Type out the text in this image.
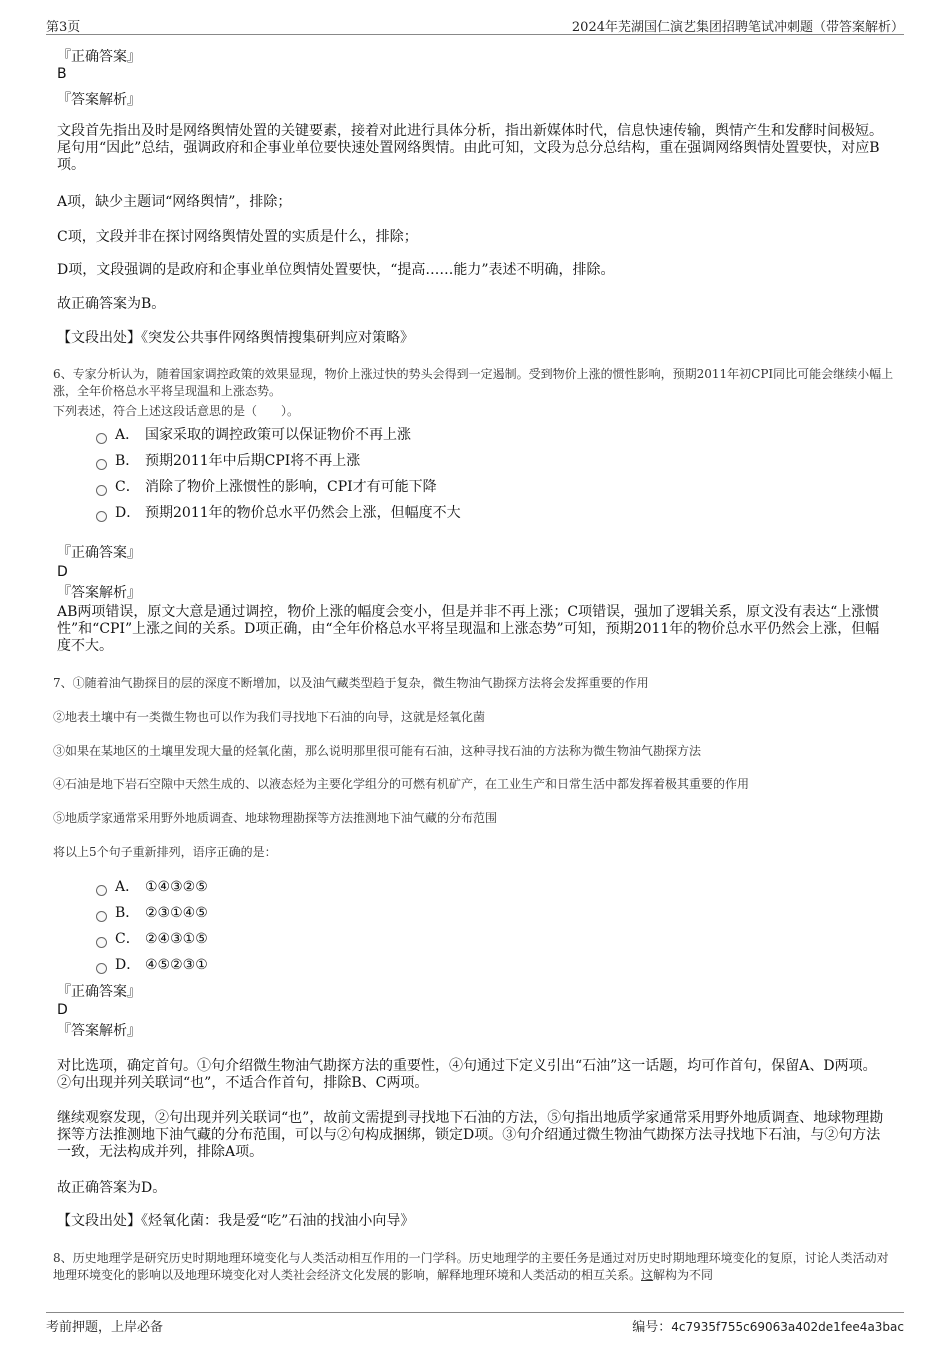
第3页	2024年芜湖国仁演艺集团招聘笔试冲刺题（带答案解析）
『正确答案』
B
『答案解析』
文段首先指出及时是网络舆情处置的关键要素，接着对此进行具体分析，指出新媒体时代，信息快速传输，舆情产生和发酵时间极短。尾句用“因此”总结，强调政府和企事业单位要快速处置网络舆情。由此可知，文段为总分总结构，重在强调网络舆情处置要快，对应B项。
A项，缺少主题词“网络舆情”，排除；
C项，文段并非在探讨网络舆情处置的实质是什么，排除；
D项，文段强调的是政府和企事业单位舆情处置要快，“提高……能力”表述不明确，排除。
故正确答案为B。
【文段出处】《突发公共事件网络舆情搜集研判应对策略》
6、专家分析认为，随着国家调控政策的效果显现，物价上涨过快的势头会得到一定遏制。受到物价上涨的惯性影响，预期2011年初CPI同比可能会继续小幅上涨，全年价格总水平将呈现温和上涨态势。
下列表述，符合上述这段话意思的是（　　）。
A． 国家采取的调控政策可以保证物价不再上涨
B． 预期2011年中后期CPI将不再上涨
C． 消除了物价上涨惯性的影响，CPI才有可能下降
D． 预期2011年的物价总水平仍然会上涨，但幅度不大
『正确答案』
D
『答案解析』
AB两项错误，原文大意是通过调控，物价上涨的幅度会变小，但是并非不再上涨；C项错误，强加了逻辑关系，原文没有表达“上涨惯性”和“CPI”上涨之间的关系。D项正确，由“全年价格总水平将呈现温和上涨态势”可知，预期2011年的物价总水平仍然会上涨，但幅度不大。
7、①随着油气勘探目的层的深度不断增加，以及油气藏类型趋于复杂，微生物油气勘探方法将会发挥重要的作用
②地表土壤中有一类微生物也可以作为我们寻找地下石油的向导，这就是烃氧化菌
③如果在某地区的土壤里发现大量的烃氧化菌，那么说明那里很可能有石油，这种寻找石油的方法称为微生物油气勘探方法
④石油是地下岩石空隙中天然生成的、以液态烃为主要化学组分的可燃有机矿产，在工业生产和日常生活中都发挥着极其重要的作用
⑤地质学家通常采用野外地质调查、地球物理勘探等方法推测地下油气藏的分布范围
将以上5个句子重新排列，语序正确的是：
A． ①④③②⑤
B． ②③①④⑤
C． ②④③①⑤
D． ④⑤②③①
『正确答案』
D
『答案解析』
对比选项，确定首句。①句介绍微生物油气勘探方法的重要性，④句通过下定义引出“石油”这一话题，均可作首句，保留A、D两项。②句出现并列关联词“也”，不适合作首句，排除B、C两项。
继续观察发现，②句出现并列关联词“也”，故前文需提到寻找地下石油的方法，⑤句指出地质学家通常采用野外地质调查、地球物理勘探等方法推测地下油气藏的分布范围，可以与②句构成捆绑，锁定D项。③句介绍通过微生物油气勘探方法寻找地下石油，与②句方法一致，无法构成并列，排除A项。
故正确答案为D。
【文段出处】《烃氧化菌：我是爱“吃”石油的找油小向导》
8、历史地理学是研究历史时期地理环境变化与人类活动相互作用的一门学科。历史地理学的主要任务是通过对历史时期地理环境变化的复原，讨论人类活动对地理环境变化的影响以及地理环境变化对人类社会经济文化发展的影响，解释地理环境和人类活动的相互关系。这解构为不同
考前押题，上岸必备	编号：4c7935f755c69063a402de1fee4a3bac
